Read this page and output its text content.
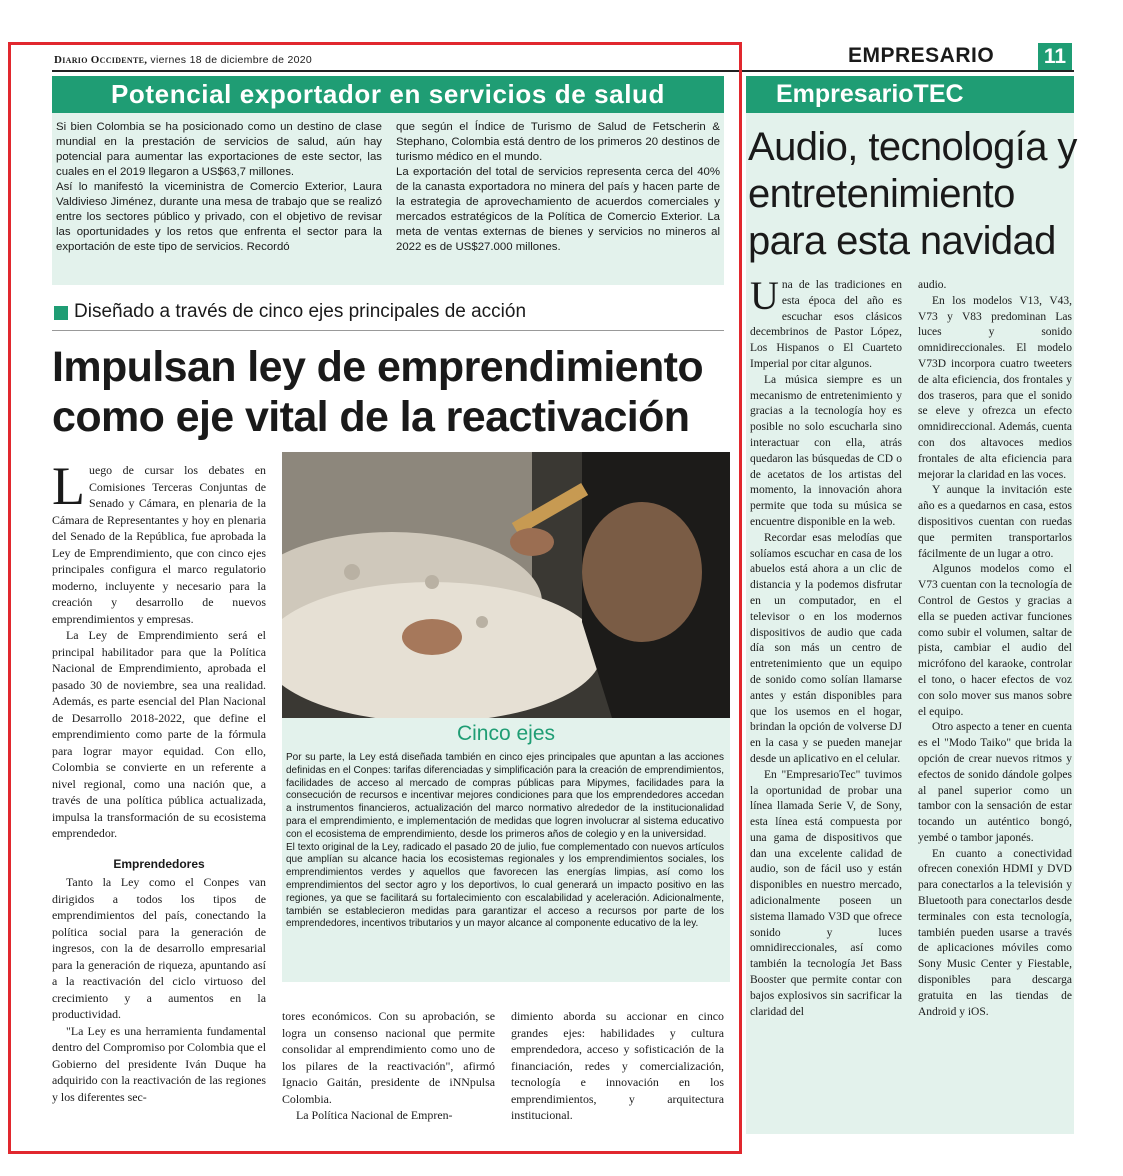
Diario Occidente, viernes 18 de diciembre de 2020	EMPRESARIO 11
Potencial exportador en servicios de salud
Si bien Colombia se ha posicionado como un destino de clase mundial en la prestación de servicios de salud, aún hay potencial para aumentar las exportaciones de este sector, las cuales en el 2019 llegaron a US$63,7 millones.
Así lo manifestó la viceministra de Comercio Exterior, Laura Valdivieso Jiménez, durante una mesa de trabajo que se realizó entre los sectores público y privado, con el objetivo de revisar las oportunidades y los retos que enfrenta el sector para la exportación de este tipo de servicios. Recordó
que según el Índice de Turismo de Salud de Fetscherin & Stephano, Colombia está dentro de los primeros 20 destinos de turismo médico en el mundo.
La exportación del total de servicios representa cerca del 40% de la canasta exportadora no minera del país y hacen parte de la estrategia de aprovechamiento de acuerdos comerciales y mercados estratégicos de la Política de Comercio Exterior. La meta de ventas externas de bienes y servicios no mineros al 2022 es de US$27.000 millones.
Diseñado a través de cinco ejes principales de acción
Impulsan ley de emprendimiento como eje vital de la reactivación

Luego de cursar los debates en Comisiones Terceras Conjuntas de Senado y Cámara, en plenaria de la Cámara de Representantes y hoy en plenaria del Senado de la República, fue aprobada la Ley de Emprendimiento, que con cinco ejes principales configura el marco regulatorio moderno, incluyente y necesario para la creación y desarrollo de nuevos emprendimientos y empresas.

La Ley de Emprendimiento será el principal habilitador para que la Política Nacional de Emprendimiento, aprobada el pasado 30 de noviembre, sea una realidad. Además, es parte esencial del Plan Nacional de Desarrollo 2018-2022, que define el emprendimiento como parte de la fórmula para lograr mayor equidad. Con ello, Colombia se convierte en un referente a nivel regional, como una nación que, a través de una política pública actualizada, impulsa la transformación de su ecosistema emprendedor.

Emprendedores

Tanto la Ley como el Conpes van dirigidos a todos los tipos de emprendimientos del país, conectando la política social para la generación de ingresos, con la de desarrollo empresarial para la generación de riqueza, apuntando así a la reactivación del ciclo virtuoso del crecimiento y a aumentos en la productividad.

"La Ley es una herramienta fundamental dentro del Compromiso por Colombia que el Gobierno del presidente Iván Duque ha adquirido con la reactivación de las regiones y los diferentes sec-

Cinco ejes
Por su parte, la Ley está diseñada también en cinco ejes principales que apuntan a las acciones definidas en el Conpes: tarifas diferenciadas y simplificación para la creación de emprendimientos, facilidades de acceso al mercado de compras públicas para Mipymes, facilidades para la consecución de recursos e incentivar mejores condiciones para que los emprendedores accedan a instrumentos financieros, actualización del marco normativo alrededor de la institucionalidad para el emprendimiento, e implementación de medidas que logren involucrar al sistema educativo con el ecosistema de emprendimiento, desde los primeros años de colegio y en la universidad.
El texto original de la Ley, radicado el pasado 20 de julio, fue complementado con nuevos artículos que amplían su alcance hacia los ecosistemas regionales y los emprendimientos sociales, los emprendimientos verdes y aquellos que favorecen las energías limpias, así como los emprendimientos del sector agro y los deportivos, lo cual generará un impacto positivo en las regiones, ya que se facilitará su fortalecimiento con escalabilidad y aceleración. Adicionalmente, también se establecieron medidas para garantizar el acceso a recursos por parte de los emprendedores, incentivos tributarios y un mayor alcance al componente educativo de la ley.

tores económicos. Con su aprobación, se logra un consenso nacional que permite consolidar al emprendimiento como uno de los pilares de la reactivación", afirmó Ignacio Gaitán, presidente de iNNpulsa Colombia.

La Política Nacional de Empren-

dimiento aborda su accionar en cinco grandes ejes: habilidades y cultura emprendedora, acceso y sofisticación de la financiación, redes y comercialización, tecnología e innovación en los emprendimientos, y arquitectura institucional.

EmpresarioTEC
Audio, tecnología y entretenimiento para esta navidad

Una de las tradiciones en esta época del año es escuchar esos clásicos decembrinos de Pastor López, Los Hispanos o El Cuarteto Imperial por citar algunos.

La música siempre es un mecanismo de entretenimiento y gracias a la tecnología hoy es posible no solo escucharla sino interactuar con ella, atrás quedaron las búsquedas de CD o de acetatos de los artistas del momento, la innovación ahora permite que toda su música se encuentre disponible en la web.

Recordar esas melodías que solíamos escuchar en casa de los abuelos está ahora a un clic de distancia y la podemos disfrutar en un computador, en el televisor o en los modernos dispositivos de audio que cada día son más un centro de entretenimiento que un equipo de sonido como solían llamarse antes y están disponibles para que los usemos en el hogar, brindan la opción de volverse DJ en la casa y se pueden manejar desde un aplicativo en el celular.

En "EmpresarioTec" tuvimos la oportunidad de probar una línea llamada Serie V, de Sony, esta línea está compuesta por una gama de dispositivos que dan una excelente calidad de audio, son de fácil uso y están disponibles en nuestro mercado, adicionalmente poseen un sistema llamado V3D que ofrece sonido y luces omnidireccionales, así como también la tecnología Jet Bass Booster que permite contar con bajos explosivos sin sacrificar la claridad del

audio.

En los modelos V13, V43, V73 y V83 predominan Las luces y sonido omnidireccionales. El modelo V73D incorpora cuatro tweeters de alta eficiencia, dos frontales y dos traseros, para que el sonido se eleve y ofrezca un efecto omnidireccional. Además, cuenta con dos altavoces medios frontales de alta eficiencia para mejorar la claridad en las voces.

Y aunque la invitación este año es a quedarnos en casa, estos dispositivos cuentan con ruedas que permiten transportarlos fácilmente de un lugar a otro.

Algunos modelos como el V73 cuentan con la tecnología de Control de Gestos y gracias a ella se pueden activar funciones como subir el volumen, saltar de pista, cambiar el audio del micrófono del karaoke, controlar el tono, o hacer efectos de voz con solo mover sus manos sobre el equipo.

Otro aspecto a tener en cuenta es el "Modo Taiko" que brida la opción de crear nuevos ritmos y efectos de sonido dándole golpes al panel superior como un tambor con la sensación de estar tocando un auténtico bongó, yembé o tambor japonés.

En cuanto a conectividad ofrecen conexión HDMI y DVD para conectarlos a la televisión y Bluetooth para conectarlos desde terminales con esta tecnología, también pueden usarse a través de aplicaciones móviles como Sony Music Center y Fiestable, disponibles para descarga gratuita en las tiendas de Android y iOS.
